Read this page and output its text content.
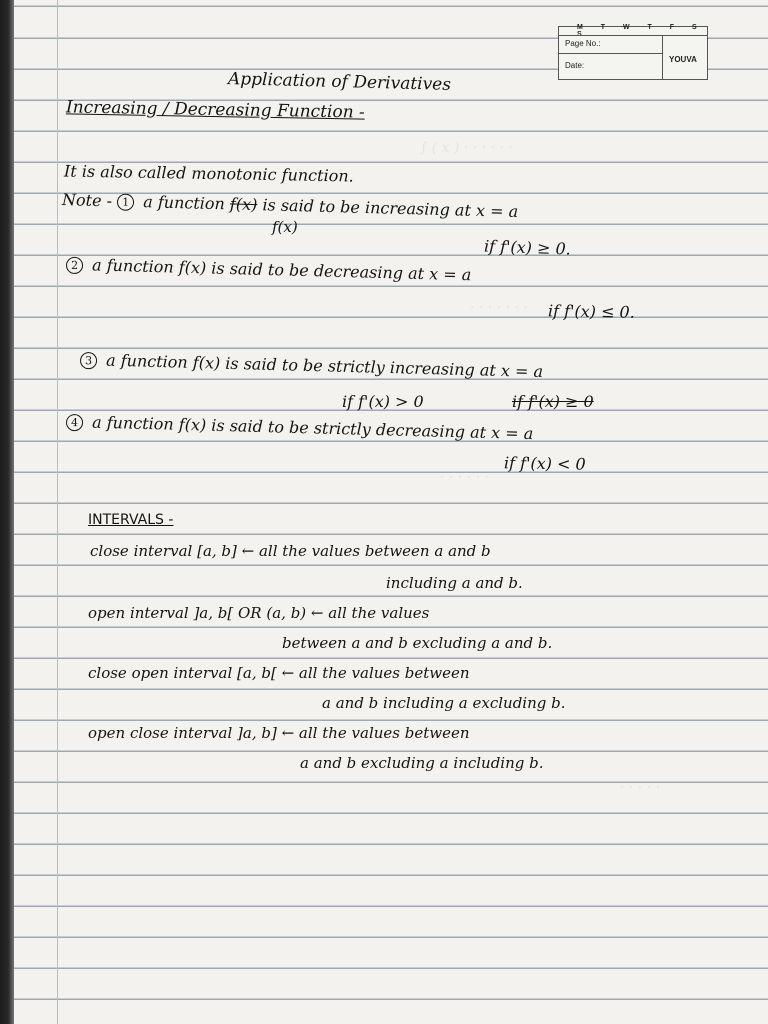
∫ ( x ) · · · · · ·
· · · · · · ·
· · · · · ·
· · · · ·
M T W T F S
Page No.:
Date:
YOUVA
Application of Derivatives
Increasing / Decreasing Function -
It is also called monotonic function.
Note - 1 a function f(x) is said to be increasing at x = a
f(x)
if f'(x) ≥ 0.
2 a function f(x) is said to be decreasing at x = a
if f'(x) ≤ 0.
3 a function f(x) is said to be strictly increasing at x = a
if f'(x) > 0	if f'(x) ≥ 0
4 a function f(x) is said to be strictly decreasing at x = a
if f'(x) < 0
INTERVALS -
close interval [a, b] ← all the values between a and b
including a and b.
open interval ]a, b[ OR (a, b) ← all the values
between a and b excluding a and b.
close open interval [a, b[ ← all the values between
a and b including a excluding b.
open close interval ]a, b] ← all the values between
a and b excluding a including b.
